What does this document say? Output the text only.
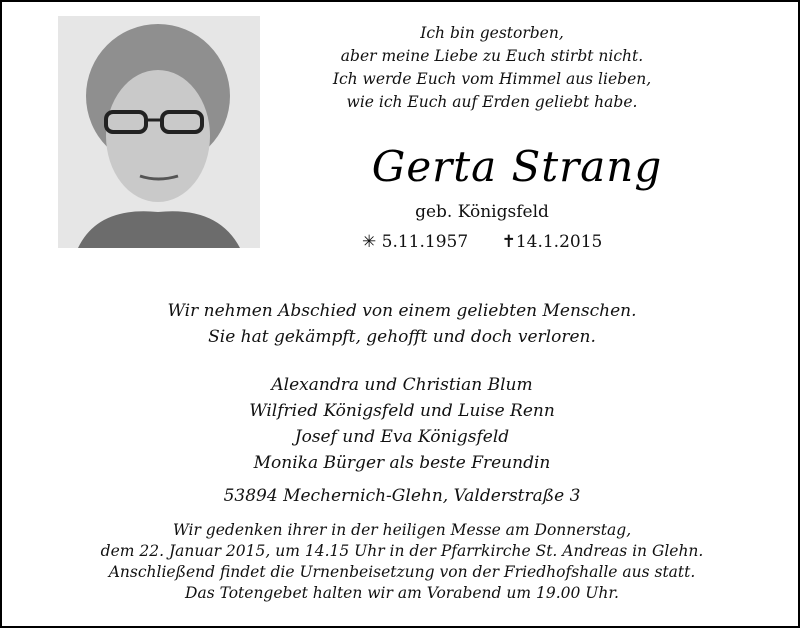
Ich bin gestorben,
aber meine Liebe zu Euch stirbt nicht.
Ich werde Euch vom Himmel aus lieben,
wie ich Euch auf Erden geliebt habe.
Gerta Strang
geb. Königsfeld
✳ 5.11.1957 ✝14.1.2015
Wir nehmen Abschied von einem geliebten Menschen.
Sie hat gekämpft, gehofft und doch verloren.
Alexandra und Christian Blum
Wilfried Königsfeld und Luise Renn
Josef und Eva Königsfeld
Monika Bürger als beste Freundin
53894 Mechernich-Glehn, Valderstraße 3
Wir gedenken ihrer in der heiligen Messe am Donnerstag,
dem 22. Januar 2015, um 14.15 Uhr in der Pfarrkirche St. Andreas in Glehn.
Anschließend findet die Urnenbeisetzung von der Friedhofshalle aus statt.
Das Totengebet halten wir am Vorabend um 19.00 Uhr.
